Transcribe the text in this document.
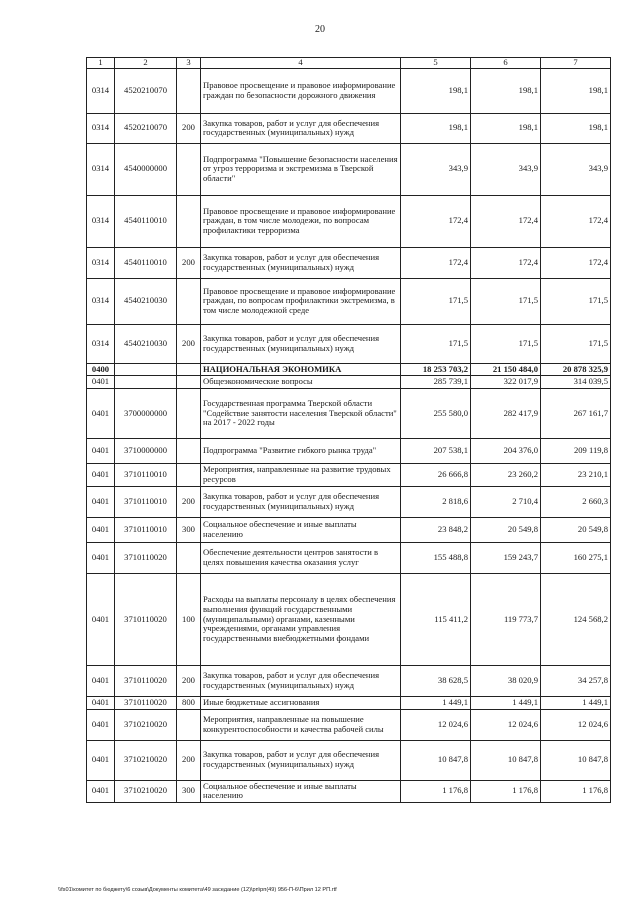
20
1	2	3	4	5	6	7
0314	4520210070		Правовое просвещение и правовое информирование граждан по безопасности дорожного движения	198,1	198,1	198,1
0314	4520210070	200	Закупка товаров, работ и услуг для обеспечения государственных (муниципальных) нужд	198,1	198,1	198,1
0314	4540000000		Подпрограмма "Повышение безопасности населения от угроз терроризма и экстремизма в Тверской области"	343,9	343,9	343,9
0314	4540110010		Правовое просвещение и правовое информирование граждан, в том числе молодежи, по вопросам профилактики терроризма	172,4	172,4	172,4
0314	4540110010	200	Закупка товаров, работ и услуг для обеспечения государственных (муниципальных) нужд	172,4	172,4	172,4
0314	4540210030		Правовое просвещение и правовое информирование граждан, по вопросам профилактики экстремизма, в том числе молодежной среде	171,5	171,5	171,5
0314	4540210030	200	Закупка товаров, работ и услуг для обеспечения государственных (муниципальных) нужд	171,5	171,5	171,5
0400			НАЦИОНАЛЬНАЯ ЭКОНОМИКА	18 253 703,2	21 150 484,0	20 878 325,9
0401			Общеэкономические вопросы	285 739,1	322 017,9	314 039,5
0401	3700000000		Государственная программа Тверской области "Содействие занятости населения Тверской области" на 2017 - 2022 годы	255 580,0	282 417,9	267 161,7
0401	3710000000		Подпрограмма "Развитие гибкого рынка труда"	207 538,1	204 376,0	209 119,8
0401	3710110010		Мероприятия, направленные на развитие трудовых ресурсов	26 666,8	23 260,2	23 210,1
0401	3710110010	200	Закупка товаров, работ и услуг для обеспечения государственных (муниципальных) нужд	2 818,6	2 710,4	2 660,3
0401	3710110010	300	Социальное обеспечение и иные выплаты населению	23 848,2	20 549,8	20 549,8
0401	3710110020		Обеспечение деятельности центров занятости в целях повышения качества оказания услуг	155 488,8	159 243,7	160 275,1
0401	3710110020	100	Расходы на выплаты персоналу в целях обеспечения выполнения функций государственными (муниципальными) органами, казенными учреждениями, органами управления государственными внебюджетными фондами	115 411,2	119 773,7	124 568,2
0401	3710110020	200	Закупка товаров, работ и услуг для обеспечения государственных (муниципальных) нужд	38 628,5	38 020,9	34 257,8
0401	3710110020	800	Иные бюджетные ассигнования	1 449,1	1 449,1	1 449,1
0401	3710210020		Мероприятия, направленные на повышение конкурентоспособности и качества рабочей силы	12 024,6	12 024,6	12 024,6
0401	3710210020	200	Закупка товаров, работ и услуг для обеспечения государственных (муниципальных) нужд	10 847,8	10 847,8	10 847,8
0401	3710210020	300	Социальное обеспечение и иные выплаты населению	1 176,8	1 176,8	1 176,8
\\fs01\комитет по бюджету\6 созыв\Документы комитета\49 заседание (12)\рп\рп(49) 956-П-6\Прил 12 РП.rtf
